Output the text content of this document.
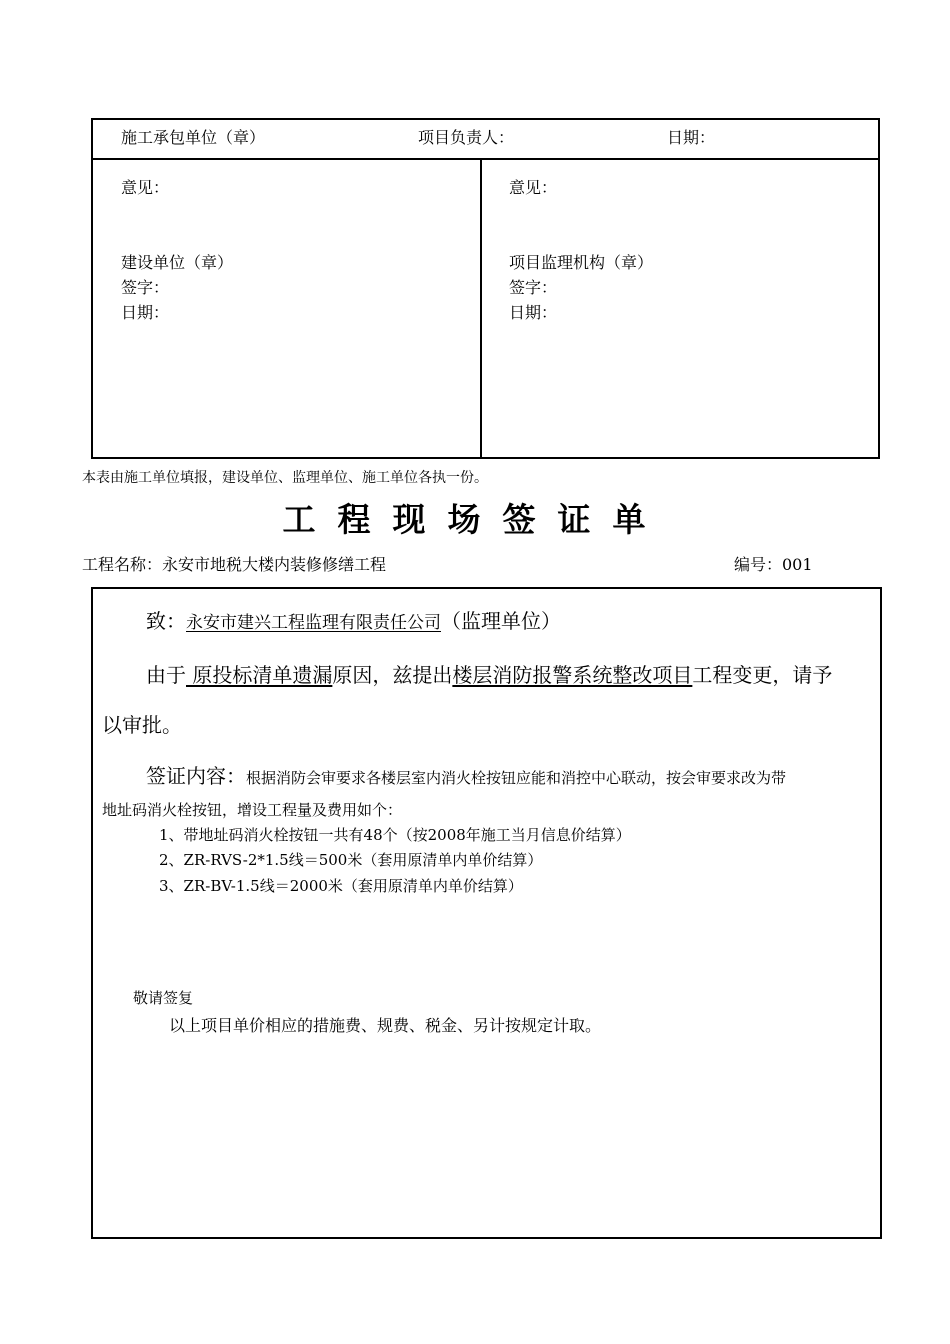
施工承包单位（章）	项目负责人：	日期：
意见：
建设单位（章）
签字：
日期：
意见：
项目监理机构（章）
签字：
日期：
本表由施工单位填报，建设单位、监理单位、施工单位各执一份。
工程现场签证单
工程名称：永安市地税大楼内装修修缮工程	编号：001
致：永安市建兴工程监理有限责任公司（监理单位）
由于 原投标清单遗漏原因，兹提出楼层消防报警系统整改项目工程变更，请予
以审批。
签证内容：根据消防会审要求各楼层室内消火栓按钮应能和消控中心联动，按会审要求改为带
地址码消火栓按钮，增设工程量及费用如个：
1、带地址码消火栓按钮一共有48个（按2008年施工当月信息价结算）
2、ZR-RVS-2*1.5线＝500米（套用原清单内单价结算）
3、ZR-BV-1.5线＝2000米（套用原清单内单价结算）
敬请签复
以上项目单价相应的措施费、规费、税金、另计按规定计取。
